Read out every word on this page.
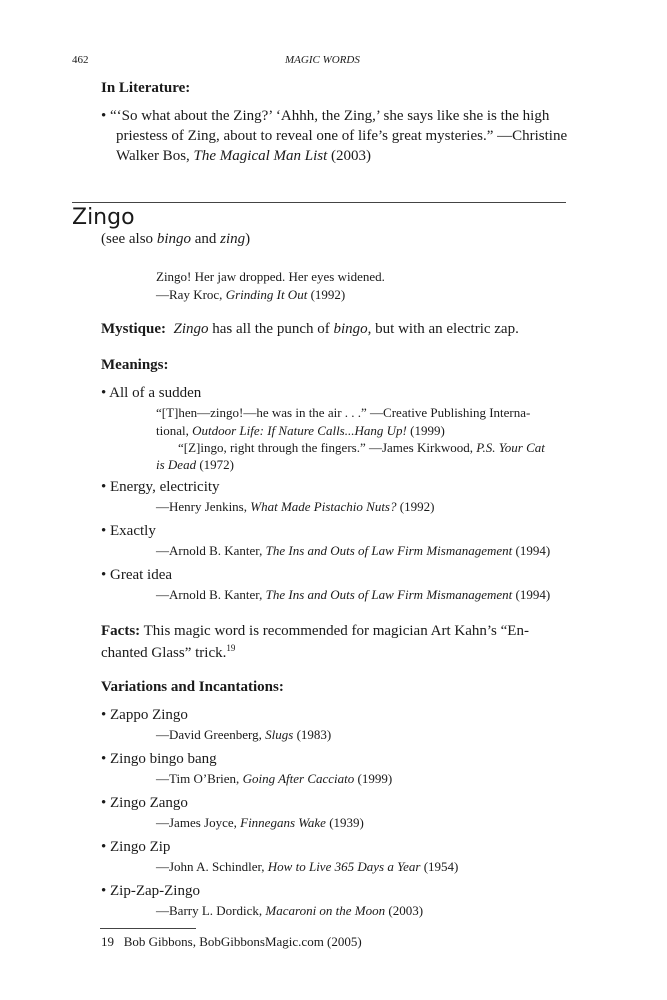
462	MAGIC WORDS
In Literature:
• “‘So what about the Zing?’ ‘Ahhh, the Zing,’ she says like she is the high
priestess of Zing, about to reveal one of life’s great mysteries.” —Christine
Walker Bos, The Magical Man List (2003)
Zingo
(see also bingo and zing)
Zingo! Her jaw dropped. Her eyes widened.
—Ray Kroc, Grinding It Out (1992)
Mystique: Zingo has all the punch of bingo, but with an electric zap.
Meanings:
• All of a sudden
“[T]hen—zingo!—he was in the air . . .” —Creative Publishing Interna-
tional, Outdoor Life: If Nature Calls...Hang Up! (1999)
“[Z]ingo, right through the fingers.” —James Kirkwood, P.S. Your Cat
is Dead (1972)
• Energy, electricity
—Henry Jenkins, What Made Pistachio Nuts? (1992)
• Exactly
—Arnold B. Kanter, The Ins and Outs of Law Firm Mismanagement (1994)
• Great idea
—Arnold B. Kanter, The Ins and Outs of Law Firm Mismanagement (1994)
Facts: This magic word is recommended for magician Art Kahn’s “En-
chanted Glass” trick.$^{19}$
Variations and Incantations:
• Zappo Zingo
—David Greenberg, Slugs (1983)
• Zingo bingo bang
—Tim O’Brien, Going After Cacciato (1999)
• Zingo Zango
—James Joyce, Finnegans Wake (1939)
• Zingo Zip
—John A. Schindler, How to Live 365 Days a Year (1954)
• Zip-Zap-Zingo
—Barry L. Dordick, Macaroni on the Moon (2003)
19   Bob Gibbons, BobGibbonsMagic.com (2005)
